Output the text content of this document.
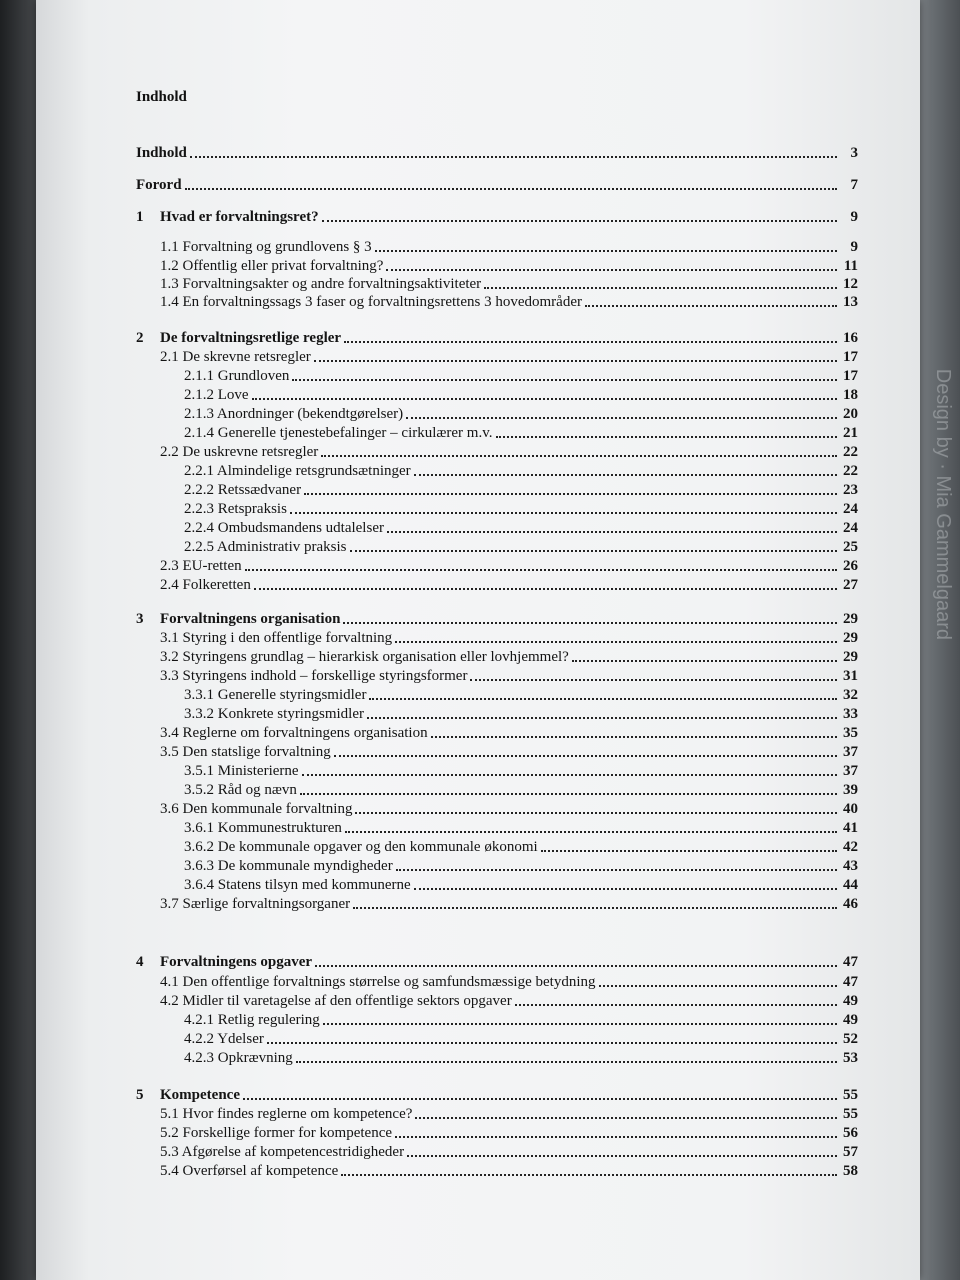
Design by · Mia Gammelgaard
Indhold
Indhold	3
Forord	7
1	Hvad er forvaltningsret?	9
1.1 Forvaltning og grundlovens § 3	9
1.2 Offentlig eller privat forvaltning?	11
1.3 Forvaltningsakter og andre forvaltningsaktiviteter	12
1.4 En forvaltningssags 3 faser og forvaltningsrettens 3 hovedområder	13
2	De forvaltningsretlige regler	16
2.1 De skrevne retsregler	17
2.1.1 Grundloven	17
2.1.2 Love	18
2.1.3 Anordninger (bekendtgørelser)	20
2.1.4 Generelle tjenestebefalinger – cirkulærer m.v.	21
2.2 De uskrevne retsregler	22
2.2.1 Almindelige retsgrundsætninger	22
2.2.2 Retssædvaner	23
2.2.3 Retspraksis	24
2.2.4 Ombudsmandens udtalelser	24
2.2.5 Administrativ praksis	25
2.3 EU-retten	26
2.4 Folkeretten	27
3	Forvaltningens organisation	29
3.1 Styring i den offentlige forvaltning	29
3.2 Styringens grundlag – hierarkisk organisation eller lovhjemmel?	29
3.3 Styringens indhold – forskellige styringsformer	31
3.3.1 Generelle styringsmidler	32
3.3.2 Konkrete styringsmidler	33
3.4 Reglerne om forvaltningens organisation	35
3.5 Den statslige forvaltning	37
3.5.1 Ministerierne	37
3.5.2 Råd og nævn	39
3.6 Den kommunale forvaltning	40
3.6.1 Kommunestrukturen	41
3.6.2 De kommunale opgaver og den kommunale økonomi	42
3.6.3 De kommunale myndigheder	43
3.6.4 Statens tilsyn med kommunerne	44
3.7 Særlige forvaltningsorganer	46
4	Forvaltningens opgaver	47
4.1 Den offentlige forvaltnings størrelse og samfundsmæssige betydning	47
4.2 Midler til varetagelse af den offentlige sektors opgaver	49
4.2.1 Retlig regulering	49
4.2.2 Ydelser	52
4.2.3 Opkrævning	53
5	Kompetence	55
5.1 Hvor findes reglerne om kompetence?	55
5.2 Forskellige former for kompetence	56
5.3 Afgørelse af kompetencestridigheder	57
5.4 Overførsel af kompetence	58
